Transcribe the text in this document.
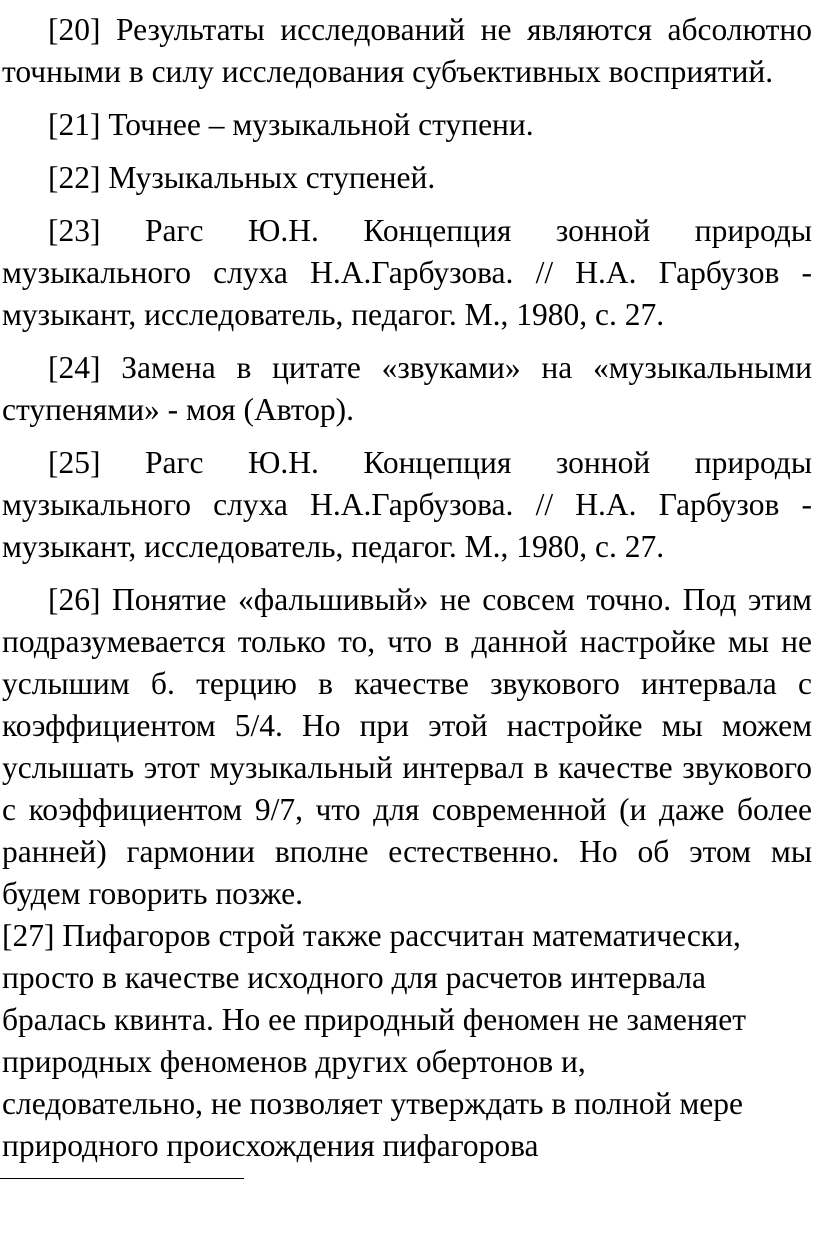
[20] Результаты исследований не являются абсолютно точными в силу исследования субъективных восприятий.

[21] Точнее – музыкальной ступени.

[22] Музыкальных ступеней.

[23] Рагс Ю.Н. Концепция зонной природы музыкального слуха Н.А.Гарбузова. // Н.А. Гарбузов - музыкант, исследователь, педагог. М., 1980, с. 27.

[24] Замена в цитате «звуками» на «музыкальными ступенями» - моя (Автор).

[25] Рагс Ю.Н. Концепция зонной природы музыкального слуха Н.А.Гарбузова. // Н.А. Гарбузов - музыкант, исследователь, педагог. М., 1980, с. 27.

[26] Понятие «фальшивый» не совсем точно. Под этим подразумевается только то, что в данной настройке мы не услышим б. терцию в качестве звукового интервала с коэффициентом 5/4. Но при этой настройке мы можем услышать этот музыкальный интервал в качестве звукового с коэффициентом 9/7, что для современной (и даже более ранней) гармонии вполне естественно. Но об этом мы будем говорить позже.

[27] Пифагоров строй также рассчитан математически,
просто в качестве исходного для расчетов интервала
бралась квинта. Но ее природный феномен не заменяет
природных феноменов других обертонов и,
следовательно, не позволяет утверждать в полной мере
природного происхождения пифагорова
